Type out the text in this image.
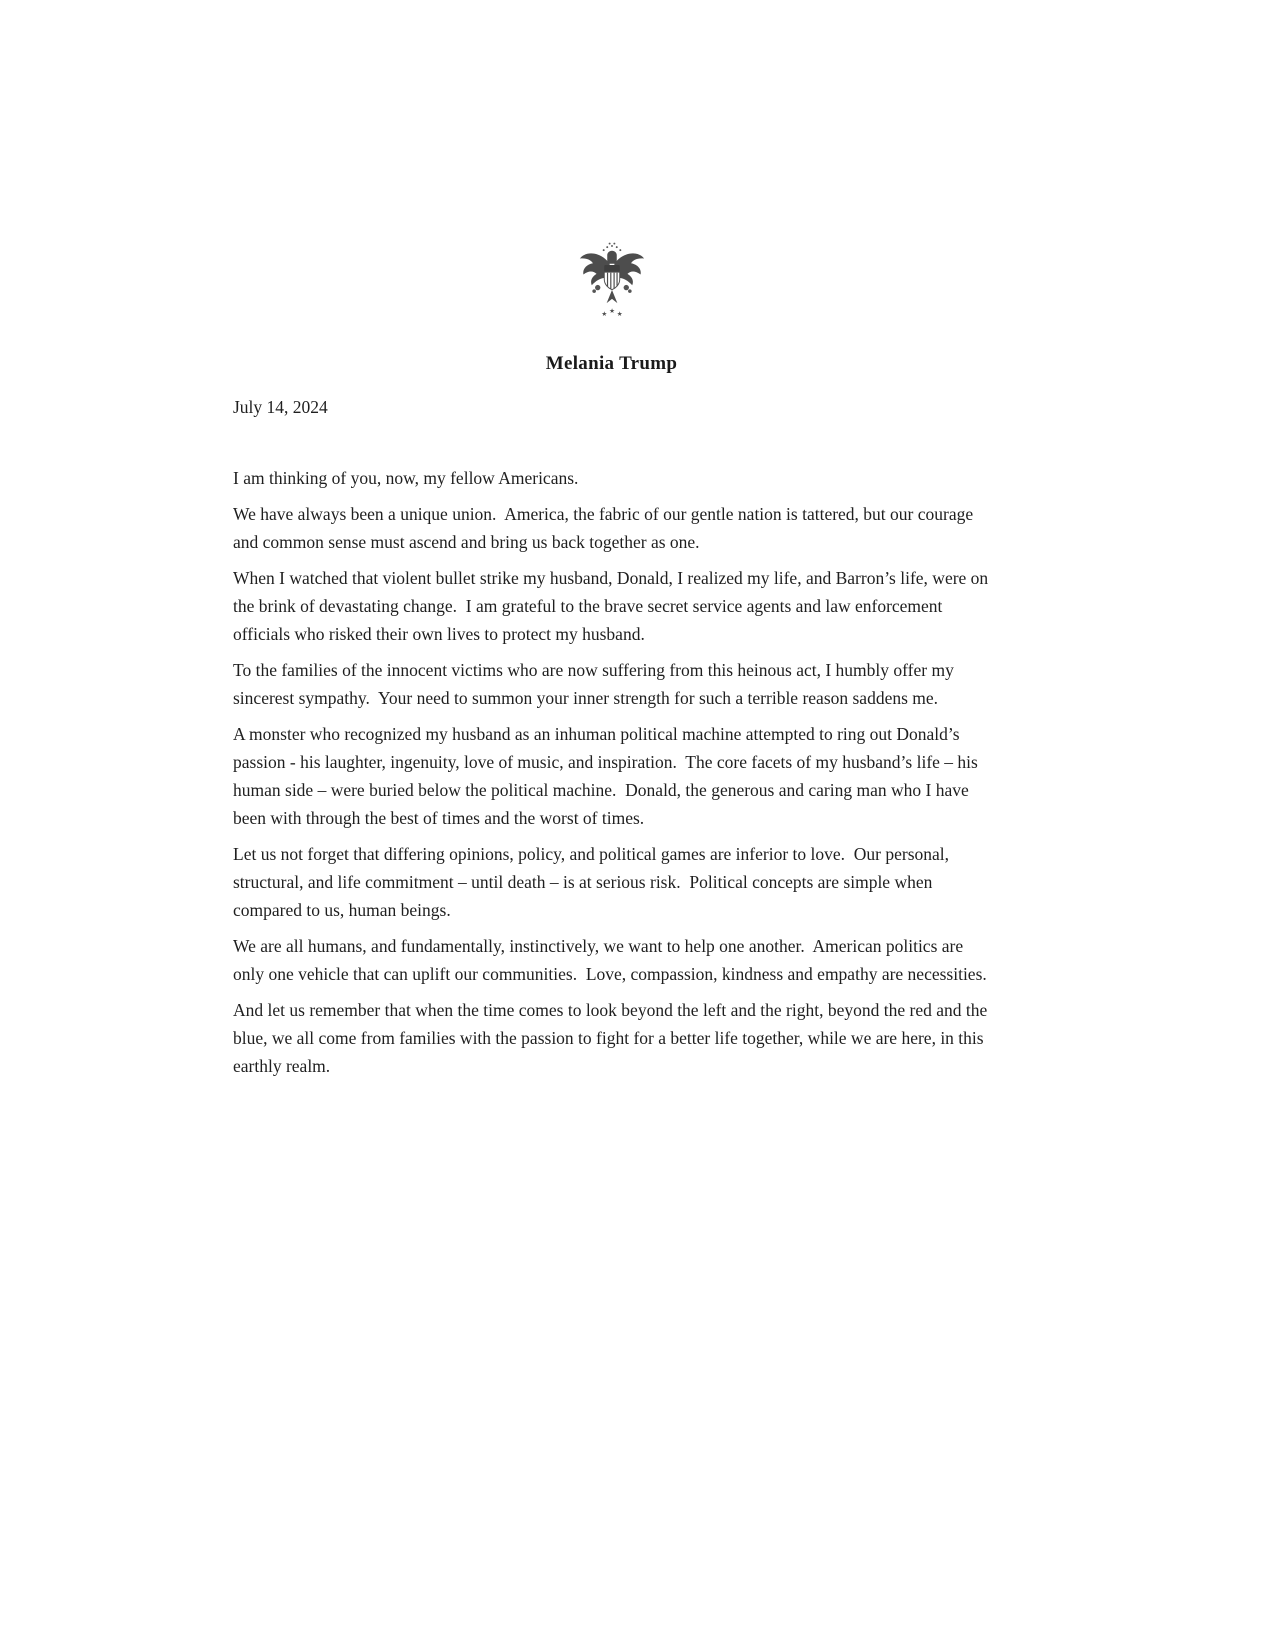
★ ★ ★
Melania Trump
July 14, 2024

I am thinking of you, now, my fellow Americans.

We have always been a unique union.  America, the fabric of our gentle nation is tattered, but our courage and common sense must ascend and bring us back together as one.

When I watched that violent bullet strike my husband, Donald, I realized my life, and Barron’s life, were on the brink of devastating change.  I am grateful to the brave secret service agents and law enforcement officials who risked their own lives to protect my husband.

To the families of the innocent victims who are now suffering from this heinous act, I humbly offer my sincerest sympathy.  Your need to summon your inner strength for such a terrible reason saddens me.

A monster who recognized my husband as an inhuman political machine attempted to ring out Donald’s passion - his laughter, ingenuity, love of music, and inspiration.  The core facets of my husband’s life – his human side – were buried below the political machine.  Donald, the generous and caring man who I have been with through the best of times and the worst of times.

Let us not forget that differing opinions, policy, and political games are inferior to love.  Our personal, structural, and life commitment – until death – is at serious risk.  Political concepts are simple when compared to us, human beings.

We are all humans, and fundamentally, instinctively, we want to help one another.  American politics are only one vehicle that can uplift our communities.  Love, compassion, kindness and empathy are necessities.

And let us remember that when the time comes to look beyond the left and the right, beyond the red and the blue, we all come from families with the passion to fight for a better life together, while we are here, in this earthly realm.
